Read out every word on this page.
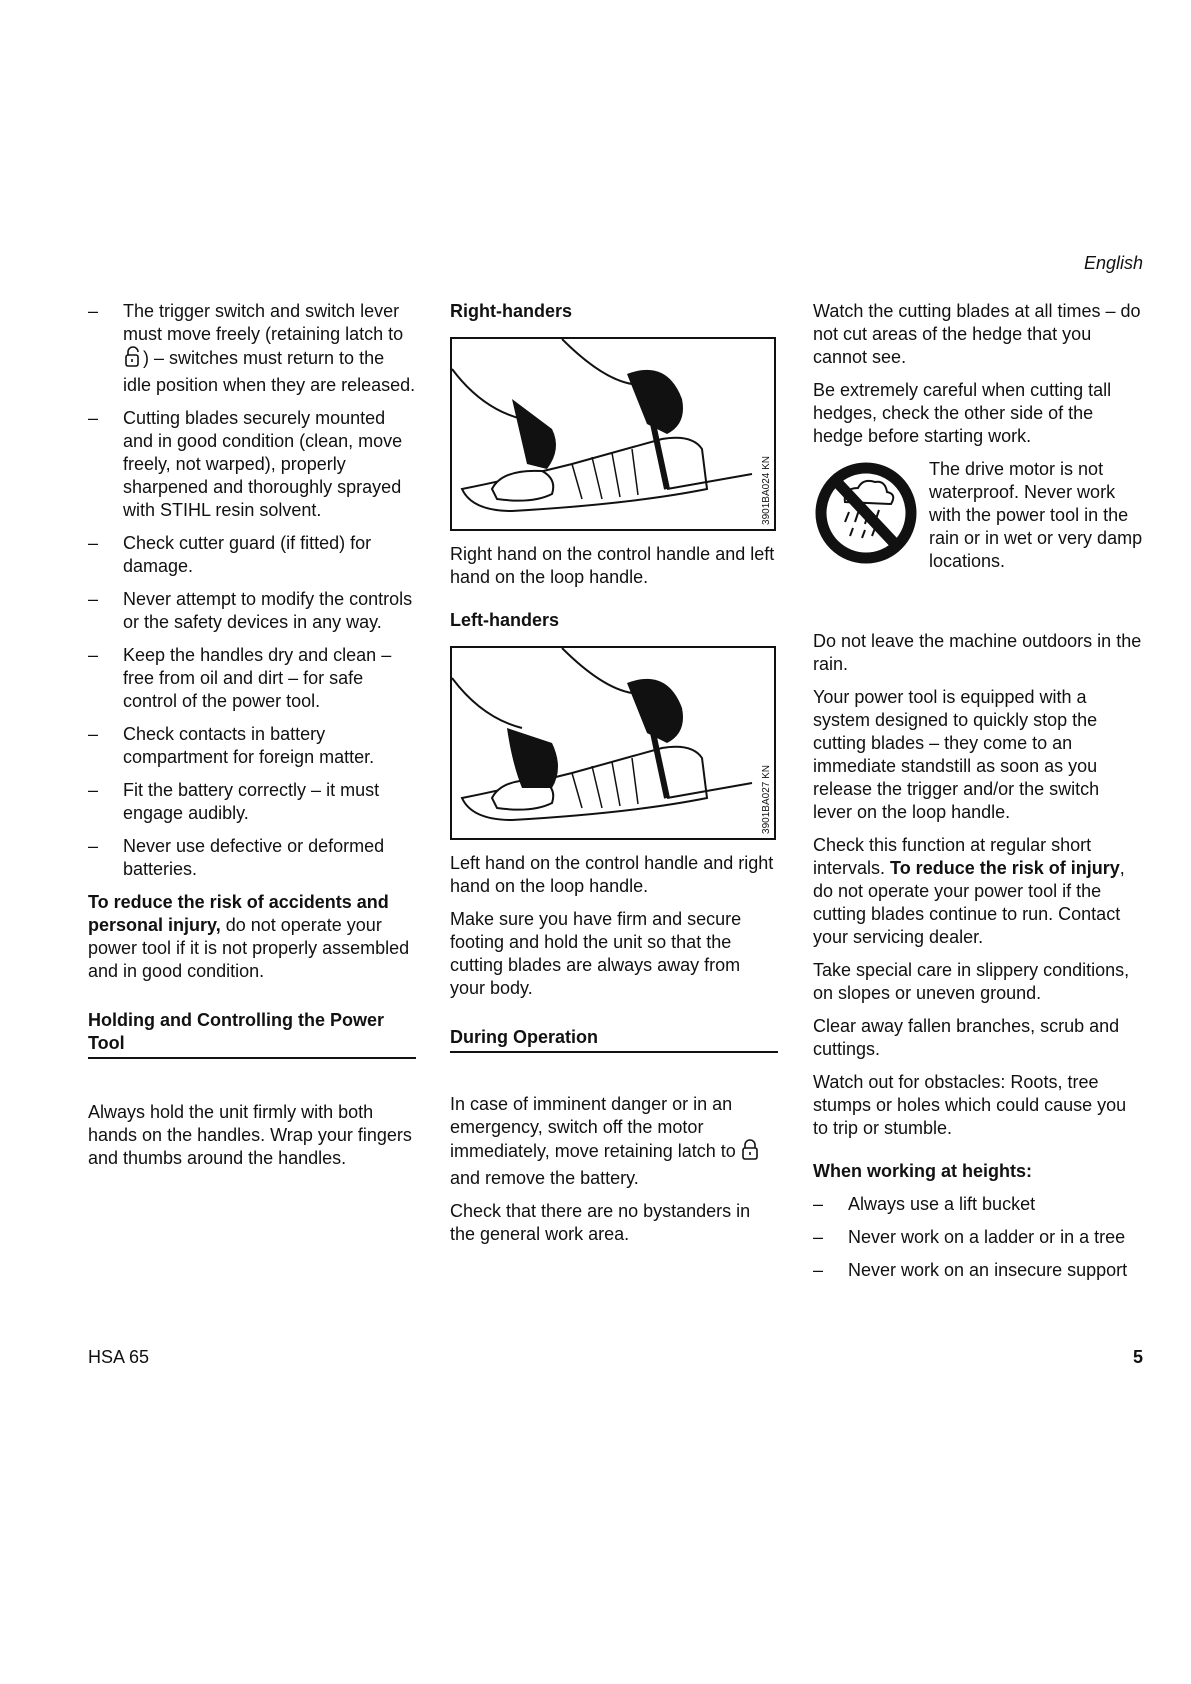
English
– The trigger switch and switch lever must move freely (retaining latch to ) – switches must return to the idle position when they are released.
– Cutting blades securely mounted and in good condition (clean, move freely, not warped), properly sharpened and thoroughly sprayed with STIHL resin solvent.
– Check cutter guard (if fitted) for damage.
– Never attempt to modify the controls or the safety devices in any way.
– Keep the handles dry and clean – free from oil and dirt – for safe control of the power tool.
– Check contacts in battery compartment for foreign matter.
– Fit the battery correctly – it must engage audibly.
– Never use defective or deformed batteries.

To reduce the risk of accidents and personal injury, do not operate your power tool if it is not properly assembled and in good condition.

Holding and Controlling the Power Tool

Always hold the unit firmly with both hands on the handles. Wrap your fingers and thumbs around the handles.

Right-handers
3901BA024 KN

Right hand on the control handle and left hand on the loop handle.

Left-handers
3901BA027 KN

Left hand on the control handle and right hand on the loop handle.

Make sure you have firm and secure footing and hold the unit so that the cutting blades are always away from your body.

During Operation

In case of imminent danger or in an emergency, switch off the motor immediately, move retaining latch to  and remove the battery.

Check that there are no bystanders in the general work area.

Watch the cutting blades at all times – do not cut areas of the hedge that you cannot see.

Be extremely careful when cutting tall hedges, check the other side of the hedge before starting work.

The drive motor is not waterproof. Never work with the power tool in the rain or in wet or very damp locations.

Do not leave the machine outdoors in the rain.

Your power tool is equipped with a system designed to quickly stop the cutting blades – they come to an immediate standstill as soon as you release the trigger and/or the switch lever on the loop handle.

Check this function at regular short intervals. To reduce the risk of injury, do not operate your power tool if the cutting blades continue to run. Contact your servicing dealer.

Take special care in slippery conditions, on slopes or uneven ground.

Clear away fallen branches, scrub and cuttings.

Watch out for obstacles: Roots, tree stumps or holes which could cause you to trip or stumble.

When working at heights:
– Always use a lift bucket
– Never work on a ladder or in a tree
– Never work on an insecure support
HSA 65	5
